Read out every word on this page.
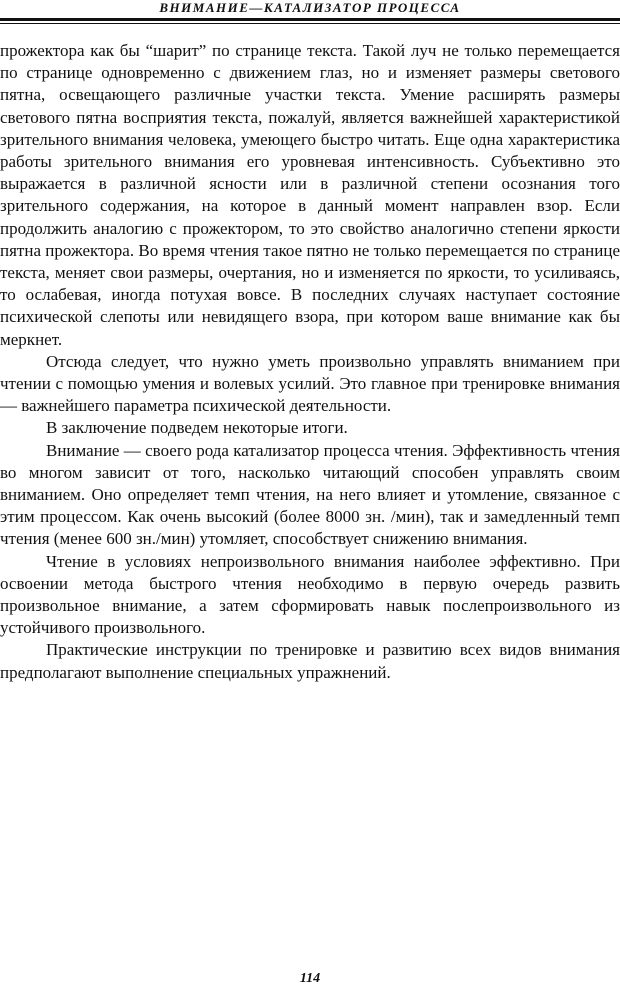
ВНИМАНИЕ—КАТАЛИЗАТОР ПРОЦЕССА

прожектора как бы “шарит” по странице текста. Такой луч не только перемещается по странице одновременно с движением глаз, но и изменяет размеры светового пятна, освещающего различные участки текста. Умение расширять размеры светового пятна восприятия текста, пожалуй, является важнейшей характеристикой зрительного внимания человека, умеющего быстро читать. Еще одна характеристика работы зрительного внимания его уровневая интенсивность. Субъективно это выражается в различной ясности или в различной степени осознания того зрительного содержания, на которое в данный момент направлен взор. Если продолжить аналогию с прожектором, то это свойство аналогично степени яркости пятна прожектора. Во время чтения такое пятно не только перемещается по странице текста, меняет свои размеры, очертания, но и изменяется по яркости, то усиливаясь, то ослабевая, иногда потухая вовсе. В последних случаях наступает состояние психической слепоты или невидящего взора, при котором ваше внимание как бы меркнет.

Отсюда следует, что нужно уметь произвольно управлять вниманием при чтении с помощью умения и волевых усилий. Это главное при тренировке внимания — важнейшего параметра психической деятельности.

В заключение подведем некоторые итоги.

Внимание — своего рода катализатор процесса чтения. Эффективность чтения во многом зависит от того, насколько читающий способен управлять своим вниманием. Оно определяет темп чтения, на него влияет и утомление, связанное с этим процессом. Как очень высокий (более 8000 зн. /мин), так и замедленный темп чтения (менее 600 зн./мин) утомляет, способствует снижению внимания.

Чтение в условиях непроизвольного внимания наиболее эффективно. При освоении метода быстрого чтения необходимо в первую очередь развить произвольное внимание, а затем сформировать навык послепроизвольного из устойчивого произвольного.

Практические инструкции по тренировке и развитию всех видов внимания предполагают выполнение специальных упражнений.

114
